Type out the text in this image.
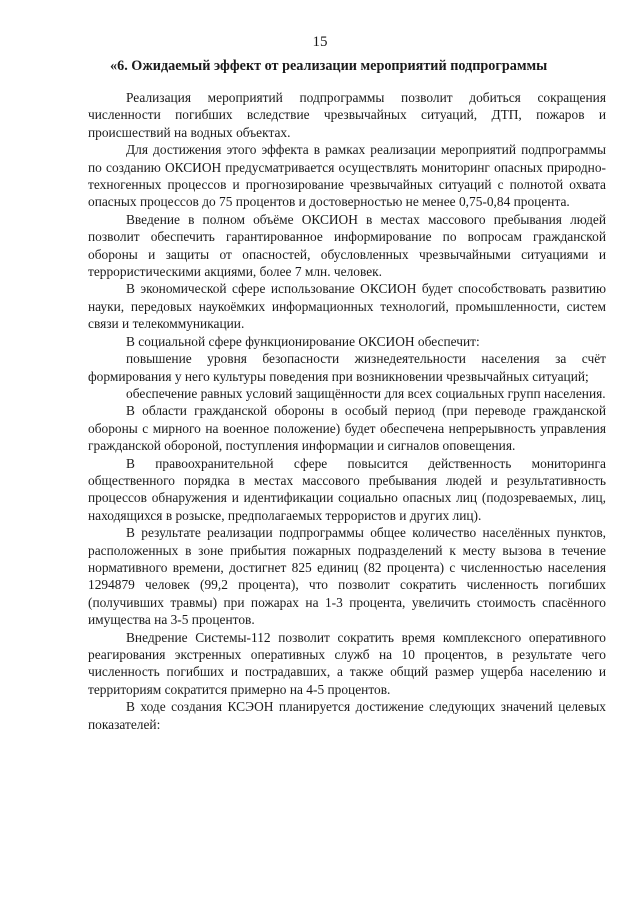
15
«6. Ожидаемый эффект от реализации мероприятий подпрограммы

Реализация мероприятий подпрограммы позволит добиться сокращения численности погибших вследствие чрезвычайных ситуаций, ДТП, пожаров и происшествий на водных объектах.

Для достижения этого эффекта в рамках реализации мероприятий подпрограммы по созданию ОКСИОН предусматривается осуществлять мониторинг опасных природно-техногенных процессов и прогнозирование чрезвычайных ситуаций с полнотой охвата опасных процессов до 75 процентов и достоверностью не менее 0,75-0,84 процента.

Введение в полном объёме ОКСИОН в местах массового пребывания людей позволит обеспечить гарантированное информирование по вопросам гражданской обороны и защиты от опасностей, обусловленных чрезвычайными ситуациями и террористическими акциями, более 7 млн. человек.

В экономической сфере использование ОКСИОН будет способствовать развитию науки, передовых наукоёмких информационных технологий, промышленности, систем связи и телекоммуникации.

В социальной сфере функционирование ОКСИОН обеспечит:

повышение уровня безопасности жизнедеятельности населения за счёт формирования у него культуры поведения при возникновении чрезвычайных ситуаций;

обеспечение равных условий защищённости для всех социальных групп населения.

В области гражданской обороны в особый период (при переводе гражданской обороны с мирного на военное положение) будет обеспечена непрерывность управления гражданской обороной, поступления информации и сигналов оповещения.

В правоохранительной сфере повысится действенность мониторинга общественного порядка в местах массового пребывания людей и результативность процессов обнаружения и идентификации социально опасных лиц (подозреваемых, лиц, находящихся в розыске, предполагаемых террористов и других лиц).

В результате реализации подпрограммы общее количество населённых пунктов, расположенных в зоне прибытия пожарных подразделений к месту вызова в течение нормативного времени, достигнет 825 единиц (82 процента) с численностью населения 1294879 человек (99,2 процента), что позволит сократить численность погибших (получивших травмы) при пожарах на 1-3 процента, увеличить стоимость спасённого имущества на 3-5 процентов.

Внедрение Системы-112 позволит сократить время комплексного оперативного реагирования экстренных оперативных служб на 10 процентов, в результате чего численность погибших и пострадавших, а также общий размер ущерба населению и территориям сократится примерно на 4-5 процентов.

В ходе создания КСЭОН планируется достижение следующих значений целевых показателей:
